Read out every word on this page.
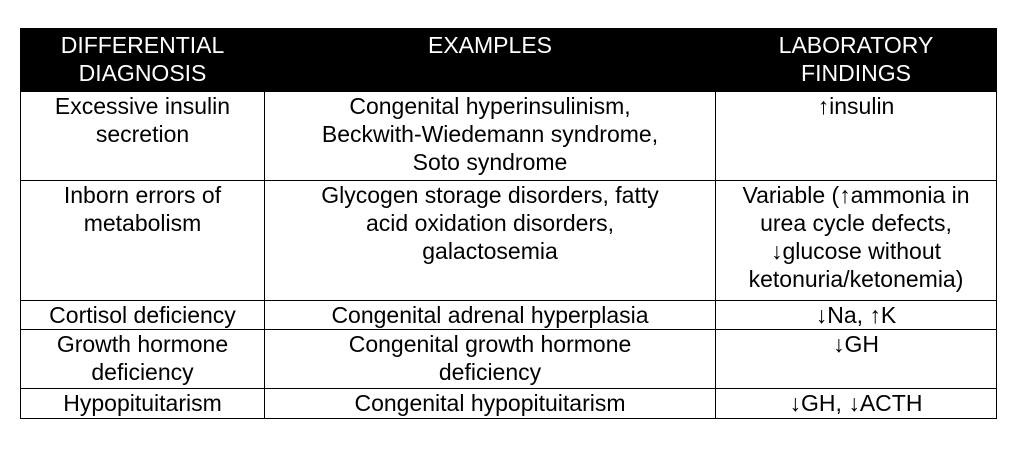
DIFFERENTIAL
DIAGNOSIS	EXAMPLES	LABORATORY
FINDINGS

Excessive insulin
secretion	Congenital hyperinsulinism,
Beckwith-Wiedemann syndrome,
Soto syndrome	↑insulin

Inborn errors of
metabolism	Glycogen storage disorders, fatty
acid oxidation disorders,
galactosemia	Variable (↑ammonia in
urea cycle defects,
↓glucose without
ketonuria/ketonemia)

Cortisol deficiency	Congenital adrenal hyperplasia	↓Na, ↑K

Growth hormone
deficiency	Congenital growth hormone
deficiency	↓GH

Hypopituitarism	Congenital hypopituitarism	↓GH, ↓ACTH
